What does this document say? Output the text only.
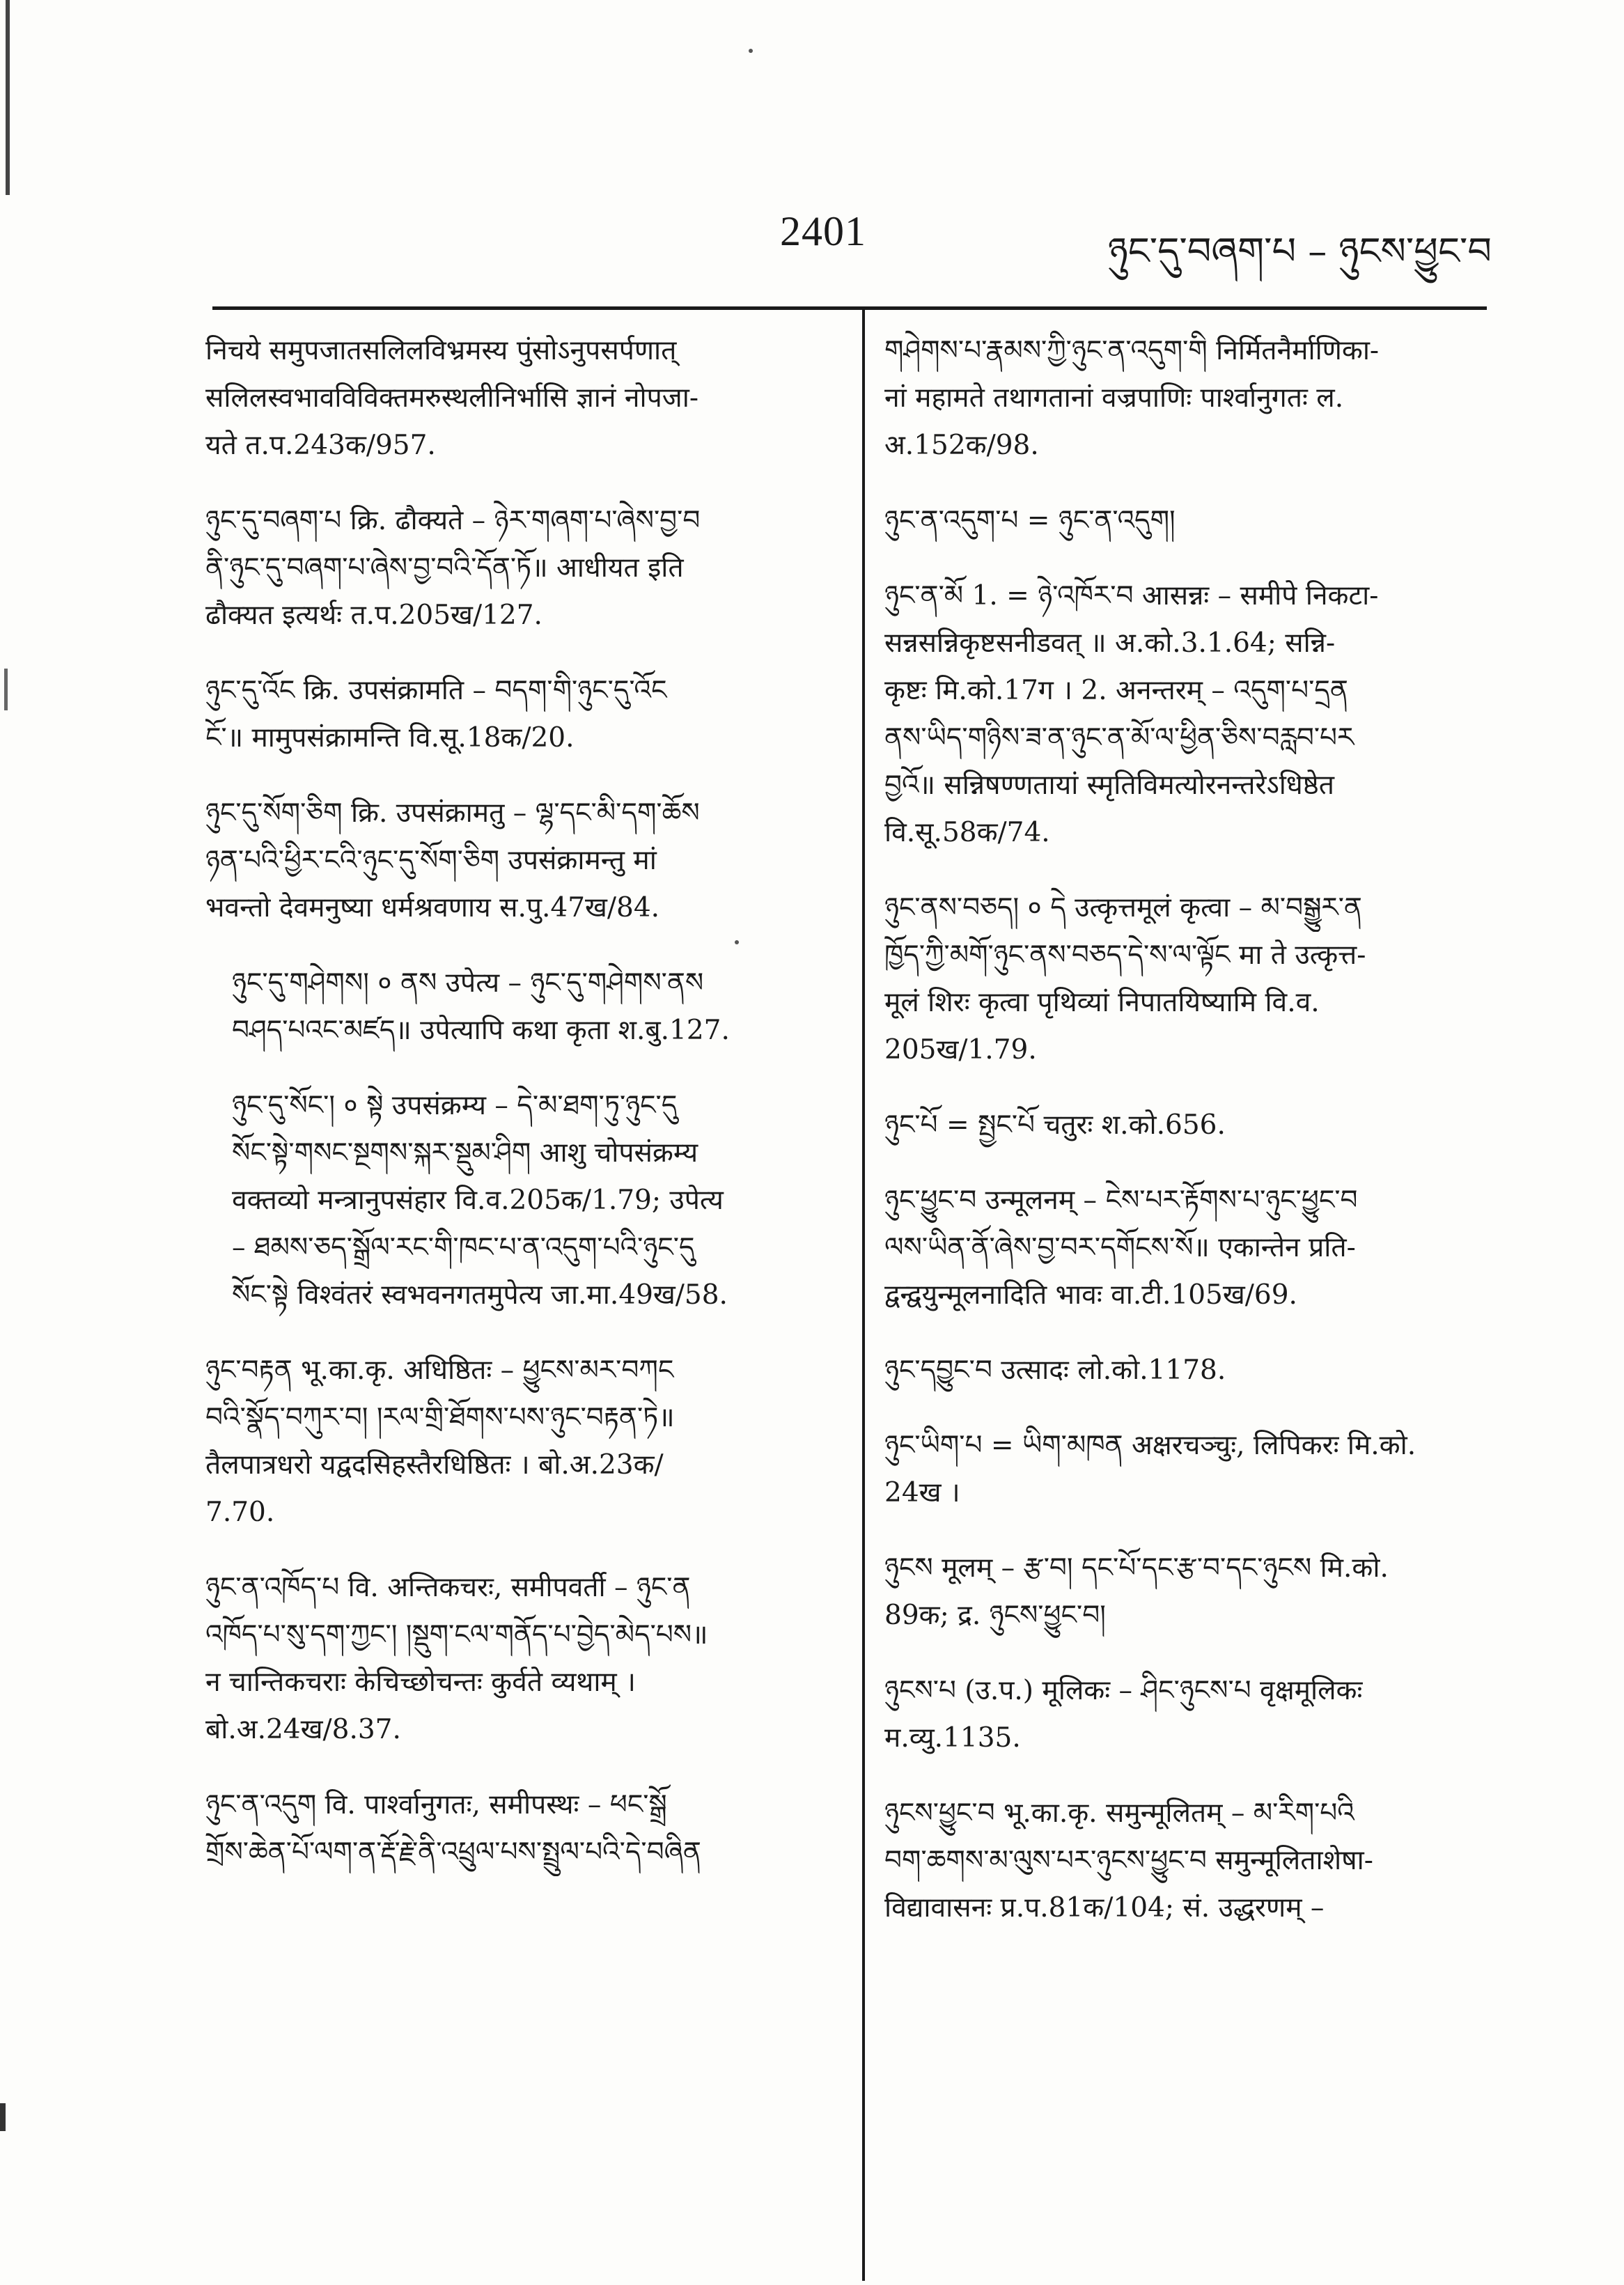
2401	ཉུང་དུ་བཞག་པ – ཉུངས་ཕྱུང་བ
निचये समुपजातसलिलविभ्रमस्य पुंसोऽनुपसर्पणात्
सलिलस्वभावविविक्तमरुस्थलीनिर्भासि ज्ञानं नोपजा-
यते त.प.243क/957.
ཉུང་དུ་བཞག་པ क्रि. ढौक्यते – ཉེར་གཞག་པ་ཞེས་བྱ་བ
ནི་ཉུང་དུ་བཞག་པ་ཞེས་བྱ་བའི་དོན་ཏོ॥ आधीयत इति
ढौक्यत इत्यर्थः त.प.205ख/127.
ཉུང་དུ་འོང क्रि. उपसंक्रामति – བདག་གི་ཉུང་དུ་འོང
ངོ་॥ मामुपसंक्रामन्ति वि.सू.18क/20.
ཉུང་དུ་སོག་ཅིག क्रि. उपसंक्रामतु – ལྷ་དང་མི་དག་ཆོས
ཉན་པའི་ཕྱིར་ངའི་ཉུང་དུ་སོག་ཅིག उपसंक्रामन्तु मां
भवन्तो देवमनुष्या धर्मश्रवणाय स.पु.47ख/84.
ཉུང་དུ་གཤེགས། ० ནས उपेत्य – ཉུང་དུ་གཤེགས་ནས
བཤད་པའང་མཛད॥ उपेत्यापि कथा कृता श.बु.127.
ཉུང་དུ་སོང་། ० སྟེ उपसंक्रम्य – དེ་མ་ཐག་ཏུ་ཉུང་དུ
སོང་སྟེ་གསང་སྔགས་སྐར་སྡུམ་ཤིག आशु चोपसंक्रम्य
वक्तव्यो मन्त्रानुपसंहार वि.व.205क/1.79; उपेत्य
– ཐམས་ཅད་སྒྲོལ་རང་གི་ཁང་པ་ན་འདུག་པའི་ཉུང་དུ
སོང་སྟེ विश्वंतरं स्वभवनगतमुपेत्य जा.मा.49ख/58.
ཉུང་བརྟན भू.का.कृ. अधिष्ठितः – ཕྱུངས་མར་བཀང
བའི་སྣོད་བཀུར་བ། །རལ་གྲི་ཐོགས་པས་ཉུང་བརྟན་ཏེ॥
तैलपात्रधरो यद्वदसिहस्तैरधिष्ठितः । बो.अ.23क/
7.70.
ཉུང་ན་འཁོད་པ वि. अन्तिकचरः, समीपवर्ती – ཉུང་ན
འཁོད་པ་སུ་དག་ཀྱང་། །སྡུག་ངལ་གནོད་པ་བྱེད་མེད་པས॥
न चान्तिकचराः केचिच्छोचन्तः कुर्वते व्यथाम् ।
बो.अ.24ख/8.37.
ཉུང་ན་འདུག वि. पार्श्वानुगतः, समीपस्थः – ཕང་སྒྲོ
གྲོས་ཆེན་པོ་ལག་ན་རྡོ་རྗེ་ནི་འཕྲུལ་པས་སྤྲུལ་པའི་དེ་བཞིན
གཤེགས་པ་རྣམས་ཀྱི་ཉུང་ན་འདུག་གི निर्मितनैर्माणिका-
नां महामते तथागतानां वज्रपाणिः पार्श्वानुगतः ल.
अ.152क/98.
ཉུང་ན་འདུག་པ = ཉུང་ན་འདུག།
ཉུང་ན་མོ 1. = ཉེ་འཁོར་བ आसन्नः – समीपे निकटा-
सन्नसन्निकृष्टसनीडवत् ॥ अ.को.3.1.64; सन्नि-
कृष्टः मि.को.17ग । 2. अनन्तरम् – འདུག་པ་དྲན
ནས་ཡིད་གཉིས་ཟ་ན་ཉུང་ན་མོ་ལ་ཕྱིན་ཅིས་བརླབ་པར
བྱའོ॥ सन्निषण्णतायां स्मृतिविमत्योरनन्तरेऽधिष्ठेत
वि.सू.58क/74.
ཉུང་ནས་བཅད། ० དེ उत्कृत्तमूलं कृत्वा – མ་བསྒྱུར་ན
ཁྱོད་ཀྱི་མགོ་ཉུང་ནས་བཅད་དེ་ས་ལ་ལྟོང मा ते उत्कृत्त-
मूलं शिरः कृत्वा पृथिव्यां निपातयिष्यामि वि.व.
205ख/1.79.
ཉུང་པོ = སྤྱང་པོ चतुरः श.को.656.
ཉུང་ཕྱུང་བ उन्मूलनम् – ངེས་པར་རྟོགས་པ་ཉུང་ཕྱུང་བ
ལས་ཡིན་ནོ་ཞེས་བྱ་བར་དགོངས་སོ॥ एकान्तेन प्रति-
द्वन्द्वयुन्मूलनादिति भावः वा.टी.105ख/69.
ཉུང་དབྱུང་བ उत्सादः लो.को.1178.
ཉུང་ཡིག་པ = ཡིག་མཁན अक्षरचञ्चुः, लिपिकरः मि.को.
24ख ।
ཉུངས मूलम् – རྩ་བ། དང་པོ་དང་རྩ་བ་དང་ཉུངས मि.को.
89क; द्र. ཉུངས་ཕྱུང་བ།
ཉུངས་པ (उ.प.) मूलिकः – ཤིང་ཉུངས་པ वृक्षमूलिकः
म.व्यु.1135.
ཉུངས་ཕྱུང་བ भू.का.कृ. समुन्मूलितम् – མ་རིག་པའི
བག་ཆགས་མ་ལུས་པར་ཉུངས་ཕྱུང་བ समुन्मूलिताशेषा-
विद्यावासनः प्र.प.81क/104; सं. उद्धरणम् –
